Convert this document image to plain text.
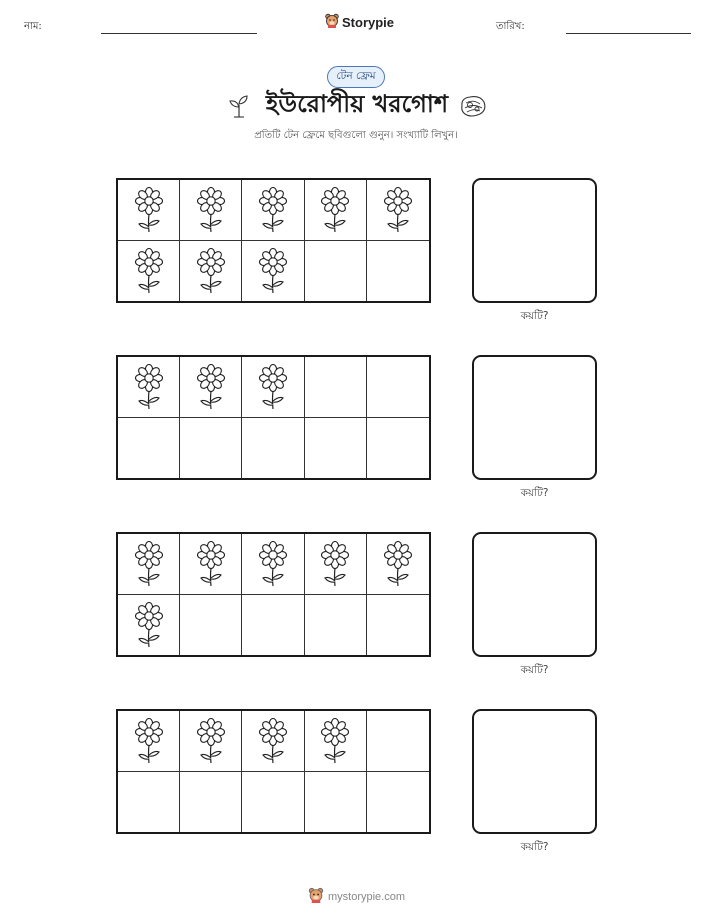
নাম:	Storypie	তারিখ:
টেন ফ্রেম
ইউরোপীয় খরগোশ
প্রতিটি টেন ফ্রেমে ছবিগুলো গুনুন। সংখ্যাটি লিখুন।
কয়টি?
কয়টি?
কয়টি?
কয়টি?
mystorypie.com
